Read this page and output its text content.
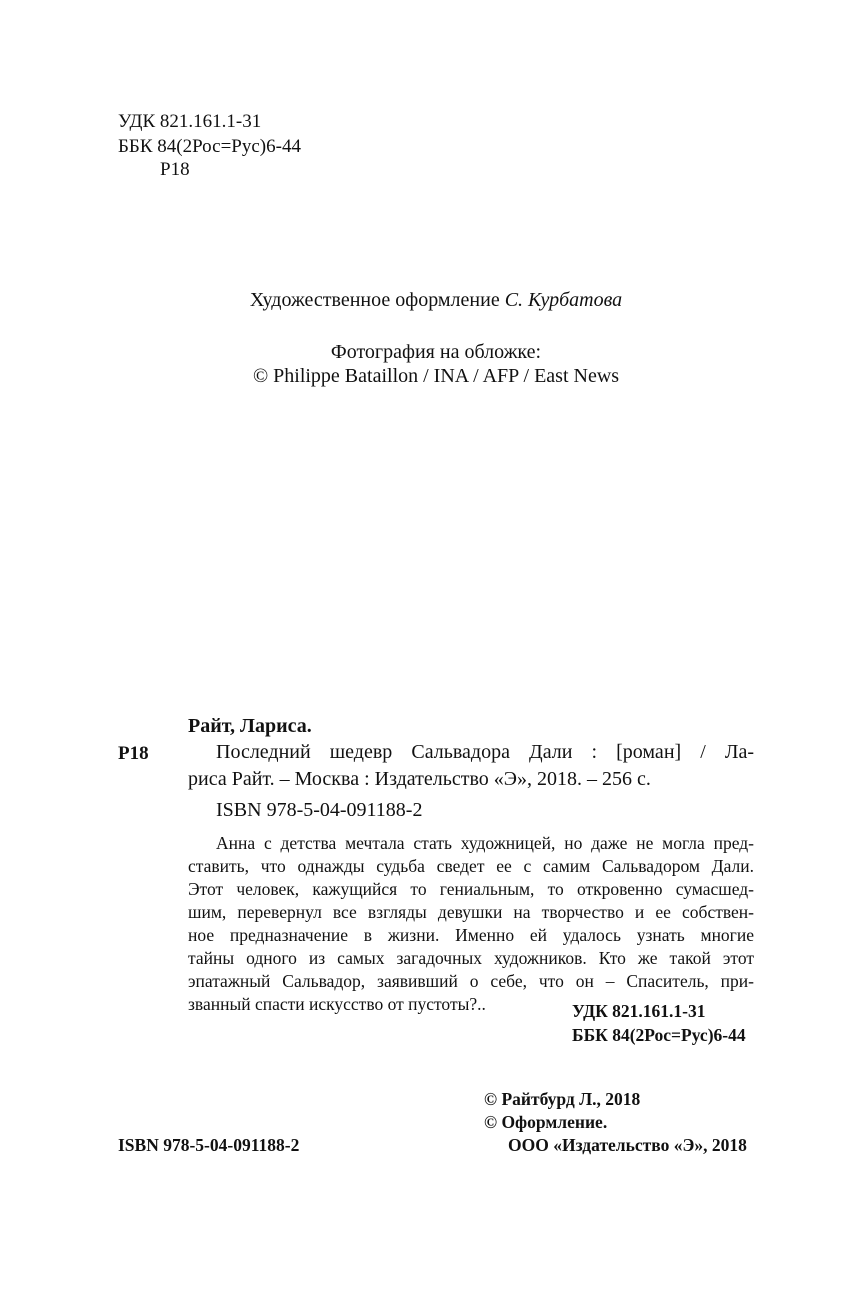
УДК 821.161.1-31
ББК 84(2Рос=Рус)6-44
Р18
Художественное оформление С. Курбатова
Фотография на обложке:
© Philippe Bataillon / INA / AFP / East News
Райт, Лариса.
Р18	Последний шедевр Сальвадора Дали : [роман] / Ла-
риса Райт. – Москва : Издательство «Э», 2018. – 256 с.
ISBN 978-5-04-091188-2
Анна с детства мечтала стать художницей, но даже не могла пред-
ставить, что однажды судьба сведет ее с самим Сальвадором Дали.
Этот человек, кажущийся то гениальным, то откровенно сумасшед-
шим, перевернул все взгляды девушки на творчество и ее собствен-
ное предназначение в жизни. Именно ей удалось узнать многие
тайны одного из самых загадочных художников. Кто же такой этот
эпатажный Сальвадор, заявивший о себе, что он – Спаситель, при-
званный спасти искусство от пустоты?..	УДК 821.161.1-31
ББК 84(2Рос=Рус)6-44
© Райтбурд Л., 2018
© Оформление.
ISBN 978-5-04-091188-2	ООО «Издательство «Э», 2018
